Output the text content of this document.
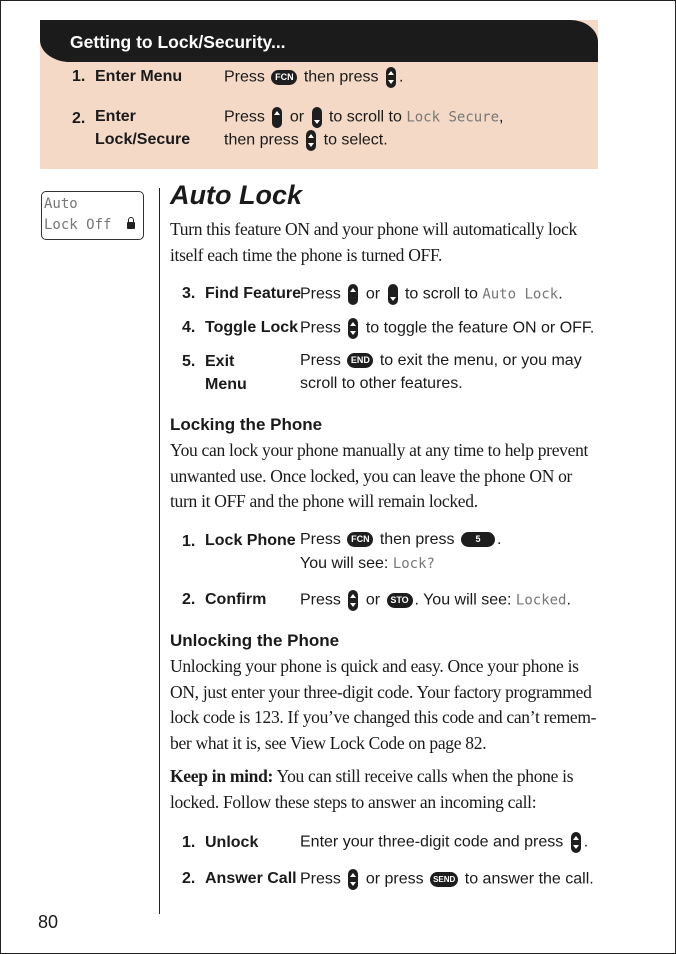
Getting to Lock/Security...
1. Enter Menu	Press FCN then press .
2. Enter
Lock/Secure
Press or to scroll to Lock Secure,
then press to select.
Auto
Lock Off
Auto Lock
Turn this feature ON and your phone will automatically lock itself each time the phone is turned OFF.
3. Find Feature
Press or to scroll to Auto Lock.
4. Toggle Lock Press to toggle the feature ON or OFF.
5. Exit
Menu
Press END to exit the menu, or you may
scroll to other features.
Locking the Phone
You can lock your phone manually at any time to help prevent unwanted use. Once locked, you can leave the phone ON or turn it OFF and the phone will remain locked.
1. Lock Phone Press FCN then press 5 .
You will see: Lock?
2. Confirm Press or STO . You will see: Locked.
Unlocking the Phone
Unlocking your phone is quick and easy. Once your phone is ON, just enter your three-digit code. Your factory programmed lock code is 123. If you’ve changed this code and can’t remem-ber what it is, see View Lock Code on page 82.
Keep in mind: You can still receive calls when the phone is locked. Follow these steps to answer an incoming call:
1. Unlock	Enter your three-digit code and press .
2. Answer Call Press or press SEND to answer the call.
80
